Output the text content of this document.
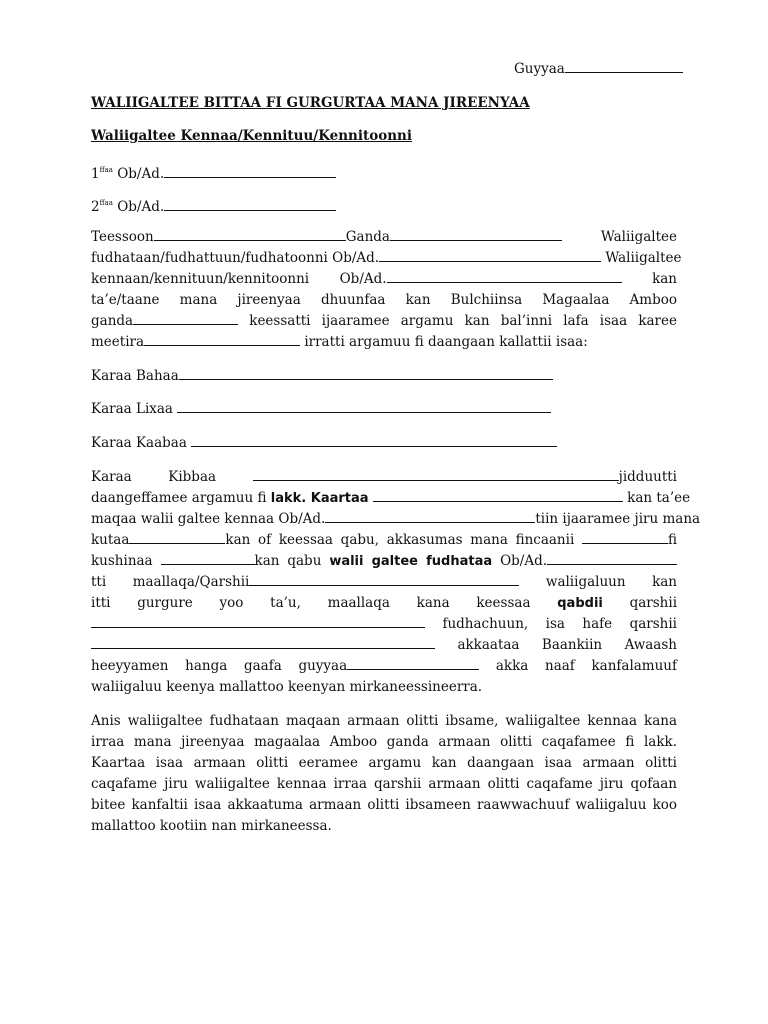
Guyyaa
WALIIGALTEE BITTAA FI GURGURTAA MANA JIREENYAA
Waliigaltee Kennaa/Kennituu/Kennitoonni
$1^{ffaa}$ Ob/Ad.
$2^{ffaa}$ Ob/Ad.
Teessoon	Ganda	Waliigaltee
fudhataan/fudhattuun/fudhatoonni Ob/Ad.	Waliigaltee
kennaan/kennituun/kennitoonni Ob/Ad.	kan
ta’e/taane mana jireenyaa dhuunfaa kan Bulchiinsa Magaalaa Amboo
ganda	keessatti ijaaramee argamu kan bal’inni lafa isaa karee
meetira	irratti argamuu fi daangaan kallattii isaa:
Karaa Bahaa
Karaa Lixaa
Karaa Kaabaa
Karaa Kibbaa	jidduutti
daangeffamee argamuu fi lakk. Kaartaa	kan ta’ee
maqaa walii galtee kennaa Ob/Ad.	tiin ijaaramee jiru mana
kutaa	kan of keessaa qabu, akkasumas mana fincaanii	fi
kushinaa	kan qabu walii galtee fudhataa Ob/Ad.
tti maallaqa/Qarshii	waliigaluun kan
itti gurgure yoo ta’u, maallaqa kana keessaa qabdii qarshii
fudhachuun, isa hafe qarshii
akkaataa Baankiin Awaash
heeyyamen hanga gaafa guyyaa	akka naaf kanfalamuuf
waliigaluu keenya mallattoo keenyan mirkaneessineerra.
Anis waliigaltee fudhataan maqaan armaan olitti ibsame, waliigaltee kennaa kana irraa mana jireenyaa magaalaa Amboo ganda armaan olitti caqafamee fi lakk. Kaartaa isaa armaan olitti eeramee argamu kan daangaan isaa armaan olitti caqafame jiru waliigaltee kennaa irraa qarshii armaan olitti caqafame jiru qofaan bitee kanfaltii isaa akkaatuma armaan olitti ibsameen raawwachuuf waliigaluu koo mallattoo kootiin nan mirkaneessa.
